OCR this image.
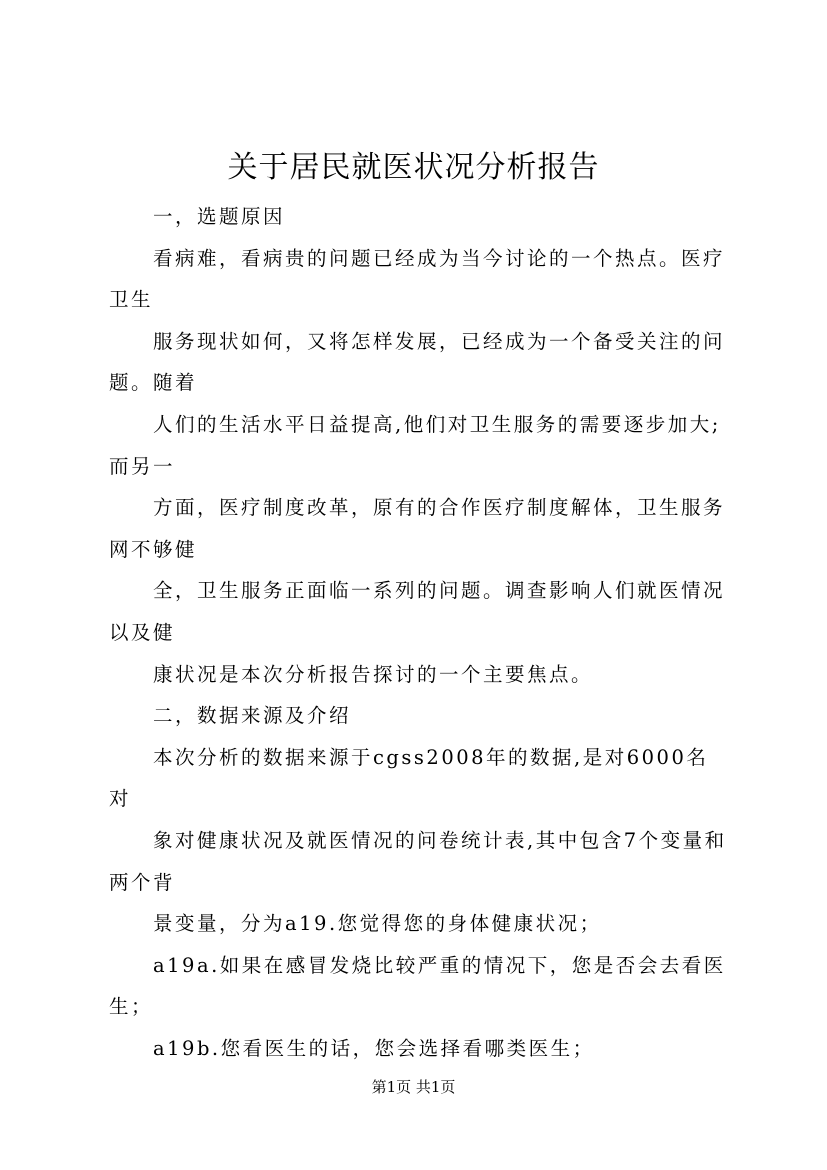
关于居民就医状况分析报告

一，选题原因

看病难，看病贵的问题已经成为当今讨论的一个热点。医疗卫生

服务现状如何，又将怎样发展，已经成为一个备受关注的问题。随着

人们的生活水平日益提高,他们对卫生服务的需要逐步加大;而另一

方面，医疗制度改革，原有的合作医疗制度解体，卫生服务网不够健

全，卫生服务正面临一系列的问题。调查影响人们就医情况以及健

康状况是本次分析报告探讨的一个主要焦点。

二，数据来源及介绍

本次分析的数据来源于cgss2008年的数据,是对6000名对

象对健康状况及就医情况的问卷统计表,其中包含7个变量和两个背

景变量，分为a19.您觉得您的身体健康状况；

a19a.如果在感冒发烧比较严重的情况下，您是否会去看医生；

a19b.您看医生的话，您会选择看哪类医生；

第1页 共1页
